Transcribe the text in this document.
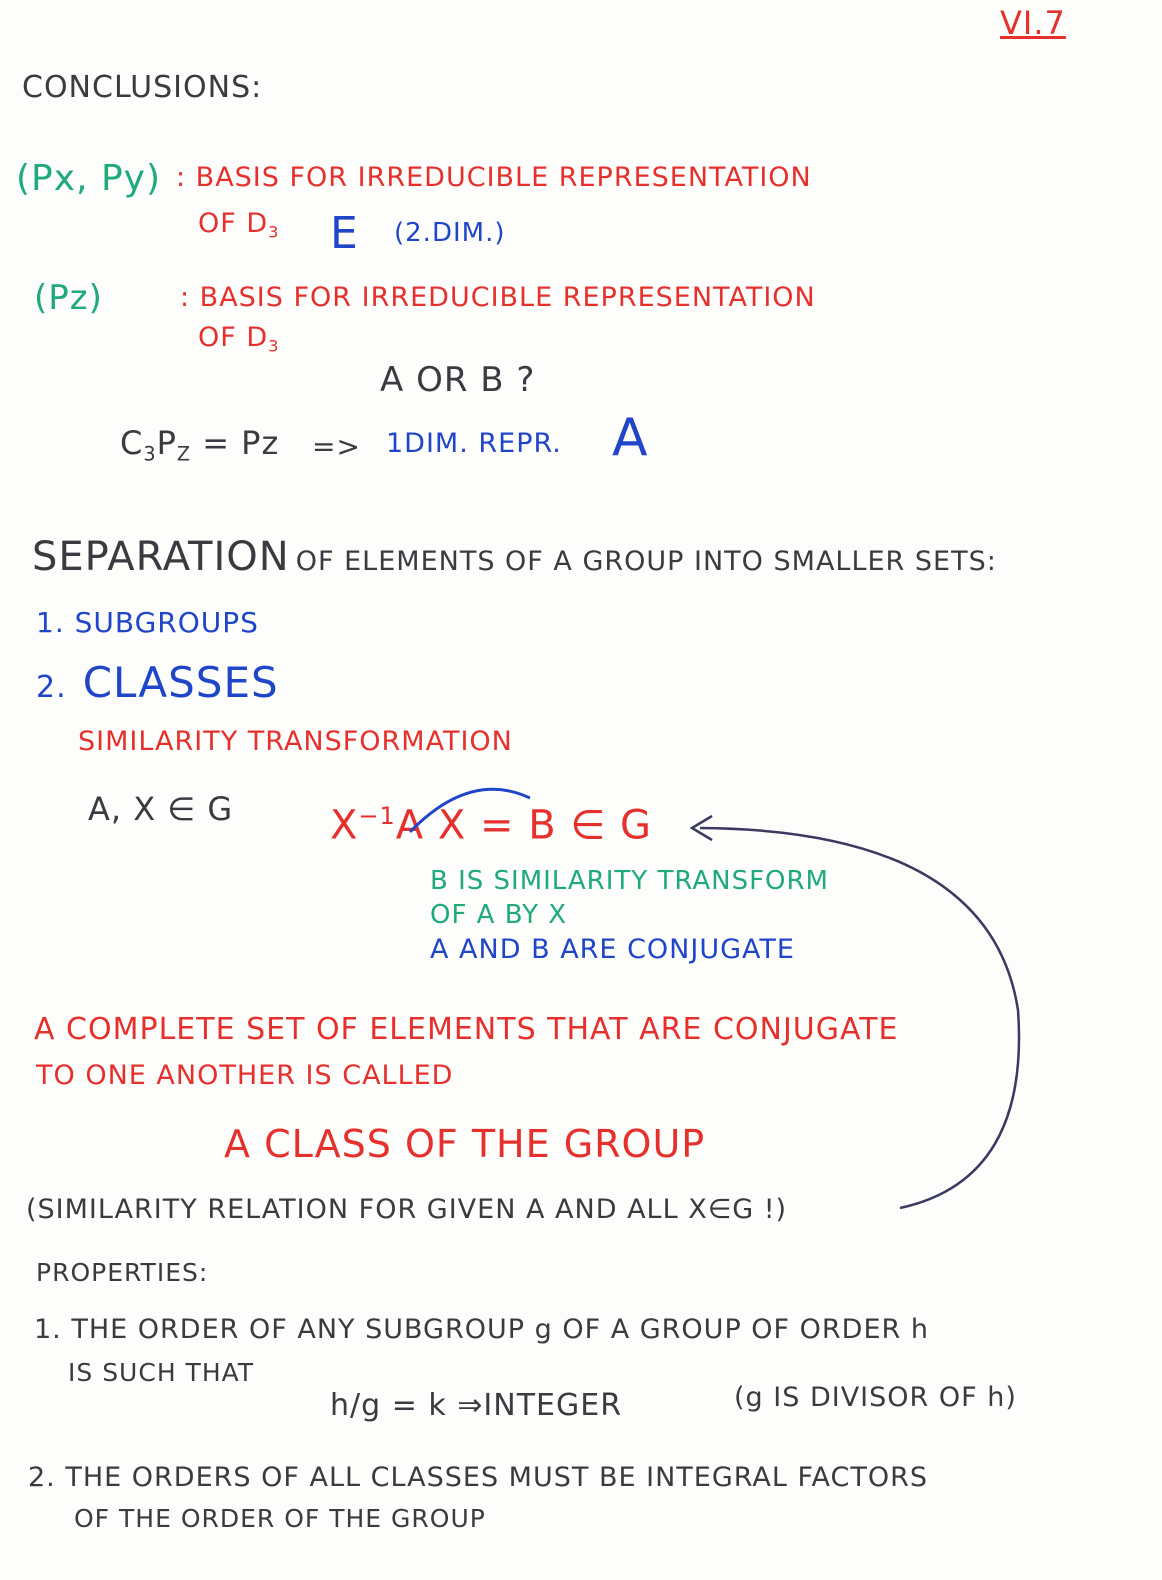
VI.7
CONCLUSIONS:
(Px, Py) : BASIS FOR IRREDUCIBLE REPRESENTATION
OF $D_3$ E (2.DIM.)
(Pz)	: BASIS FOR IRREDUCIBLE REPRESENTATION
OF $D_3$
A OR B ?
$C_3P_Z = Pz => 1DIM$. REPR. A
SEPARATION OF ELEMENTS OF A GROUP INTO SMALLER SETS:
1. SUBGROUPS
2. CLASSES
SIMILARITY TRANSFORMATION
A, X ∈ G $X^{-1}A$ X = B ∈ G
B IS SIMILARITY TRANSFORM
OF A BY X
A AND B ARE CONJUGATE
A COMPLETE SET OF ELEMENTS THAT ARE CONJUGATE
TO ONE ANOTHER IS CALLED
A CLASS OF THE GROUP
(SIMILARITY RELATION FOR GIVEN A AND ALL X∈G !)
PROPERTIES:
1. THE ORDER OF ANY SUBGROUP g OF A GROUP OF ORDER h
IS SUCH THAT
h/g = k ⇒INTEGER	(g IS DIVISOR OF h)
2. THE ORDERS OF ALL CLASSES MUST BE INTEGRAL FACTORS
OF THE ORDER OF THE GROUP
